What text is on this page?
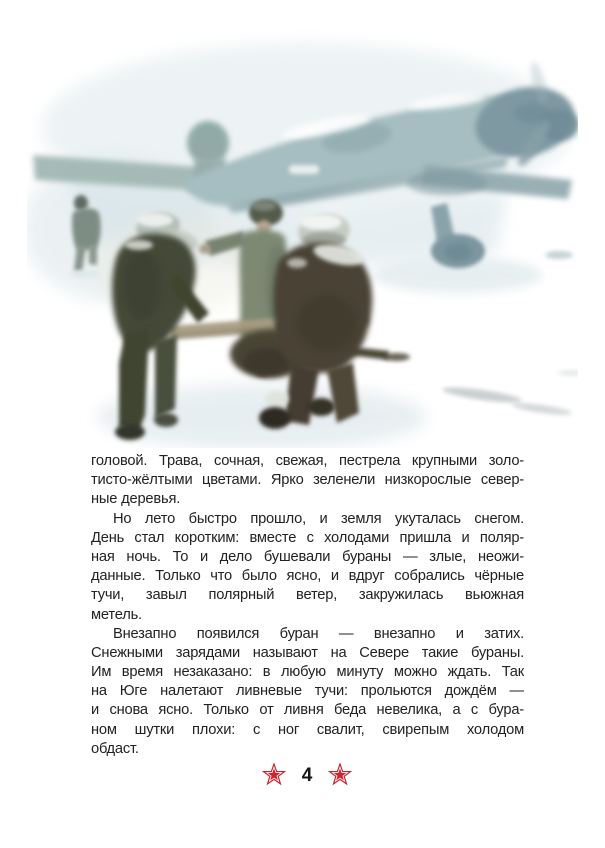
головой. Трава, сочная, свежая, пестрела крупными золо-
тисто-жёлтыми цветами. Ярко зеленели низкорослые север-
ные деревья.
Но лето быстро прошло, и земля укуталась снегом.
День стал коротким: вместе с холодами пришла и поляр-
ная ночь. То и дело бушевали бураны — злые, неожи-
данные. Только что было ясно, и вдруг собрались чёрные
тучи, завыл полярный ветер, закружилась вьюжная
метель.
Внезапно появился буран — внезапно и затих.
Снежными зарядами называют на Севере такие бураны.
Им время незаказано: в любую минуту можно ждать. Так
на Юге налетают ливневые тучи: прольются дождём —
и снова ясно. Только от ливня беда невелика, а с бура-
ном шутки плохи: с ног свалит, свирепым холодом
обдаст.
4
